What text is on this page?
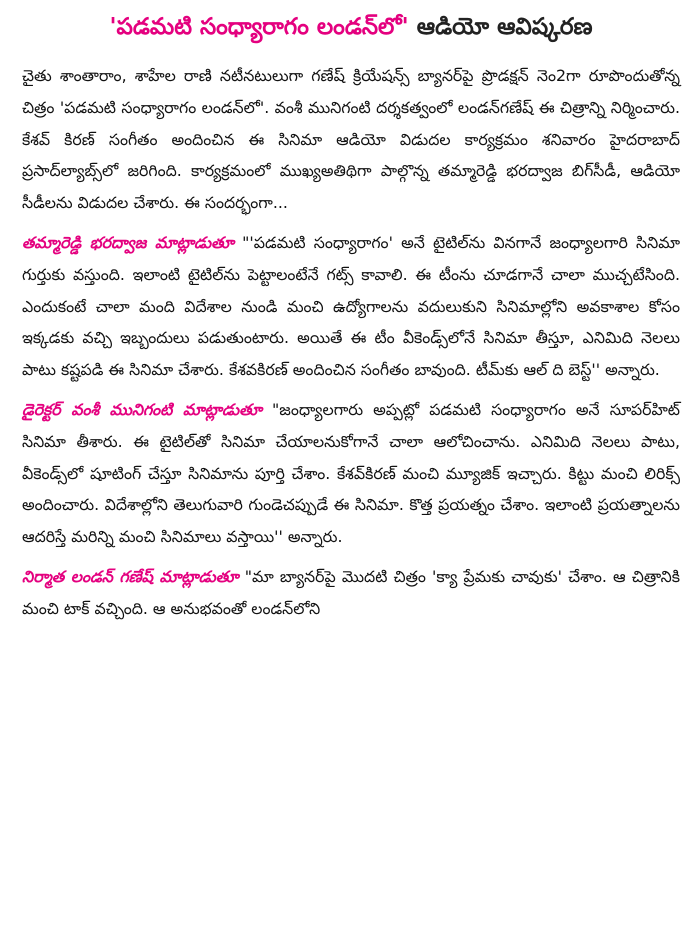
'పడమటి సంధ్యారాగం లండన్‌లో' ఆడియో ఆవిష్కరణ

చైతు శాంతారాం, శాహేల రాణి నటీనటులుగా గణేష్‌ క్రియేషన్స్‌ బ్యానర్‌పై ప్రొడక్షన్‌ నెం2గా రూపొందుతోన్న చిత్రం 'పడమటి సంధ్యారాగం లండన్‌లో'. వంశీ మునిగంటి దర్శకత్వంలో లండన్‌గణేష్‌ ఈ చిత్రాన్ని నిర్మించారు. కేశవ్‌ కిరణ్‌ సంగీతం అందించిన ఈ సినిమా ఆడియో విడుదల కార్యక్రమం శనివారం హైదరాబాద్‌ ప్రసాద్‌ల్యాబ్స్‌లో జరిగింది. కార్యక్రమంలో ముఖ్యఅతిథిగా పాల్గొన్న తమ్మారెడ్డి భరద్వాజ బిగ్‌సీడీ, ఆడియో సీడీలను విడుదల చేశారు. ఈ సందర్భంగా...

తమ్మారెడ్డి భరద్వాజ మాట్లాడుతూ "'పడమటి సంధ్యారాగం' అనే టైటిల్‌ను వినగానే జంధ్యాలగారి సినిమా గుర్తుకు వస్తుంది. ఇలాంటి టైటిల్‌ను పెట్టాలంటేనే గట్స్‌ కావాలి. ఈ టీంను చూడగానే చాలా ముచ్చటేసింది. ఎందుకంటే చాలా మంది విదేశాల నుండి మంచి ఉద్యోగాలను వదులుకుని సినిమాల్లోని అవకాశాల కోసం ఇక్కడకు వచ్చి ఇబ్బందులు పడుతుంటారు. అయితే ఈ టీం వీకెండ్స్‌లోనే సినిమా తీస్తూ, ఎనిమిది నెలలు పాటు కష్టపడి ఈ సినిమా చేశారు. కేశవకిరణ్‌ అందించిన సంగీతం బావుంది. టీమ్‌కు ఆల్‌ ది బెస్ట్‌'' అన్నారు.

డైరెక్టర్‌ వంశీ మునిగంటి మాట్లాడుతూ "జంధ్యాలగారు అప్పట్లో పడమటి సంధ్యారాగం అనే సూపర్‌హిట్‌ సినిమా తీశారు. ఈ టైటిల్‌తో సినిమా చేయాలనుకోగానే చాలా ఆలోచించాను. ఎనిమిది నెలలు పాటు, వీకెండ్స్‌లో షూటింగ్‌ చేస్తూ సినిమాను పూర్తి చేశాం. కేశవ్‌కిరణ్‌ మంచి మ్యూజిక్‌ ఇచ్చారు. కిట్టు మంచి లిరిక్స్‌ అందించారు. విదేశాల్లోని తెలుగువారి గుండెచప్పుడే ఈ సినిమా. కొత్త ప్రయత్నం చేశాం. ఇలాంటి ప్రయత్నాలను ఆదరిస్తే మరిన్ని మంచి సినిమాలు వస్తాయి'' అన్నారు.

నిర్మాత లండన్‌ గణేష్‌ మాట్లాడుతూ "మా బ్యానర్‌పై మొదటి చిత్రం 'క్యా ప్రేమకు చావుకు' చేశాం. ఆ చిత్రానికి మంచి టాక్‌ వచ్చింది. ఆ అనుభవంతో లండన్‌లోని
